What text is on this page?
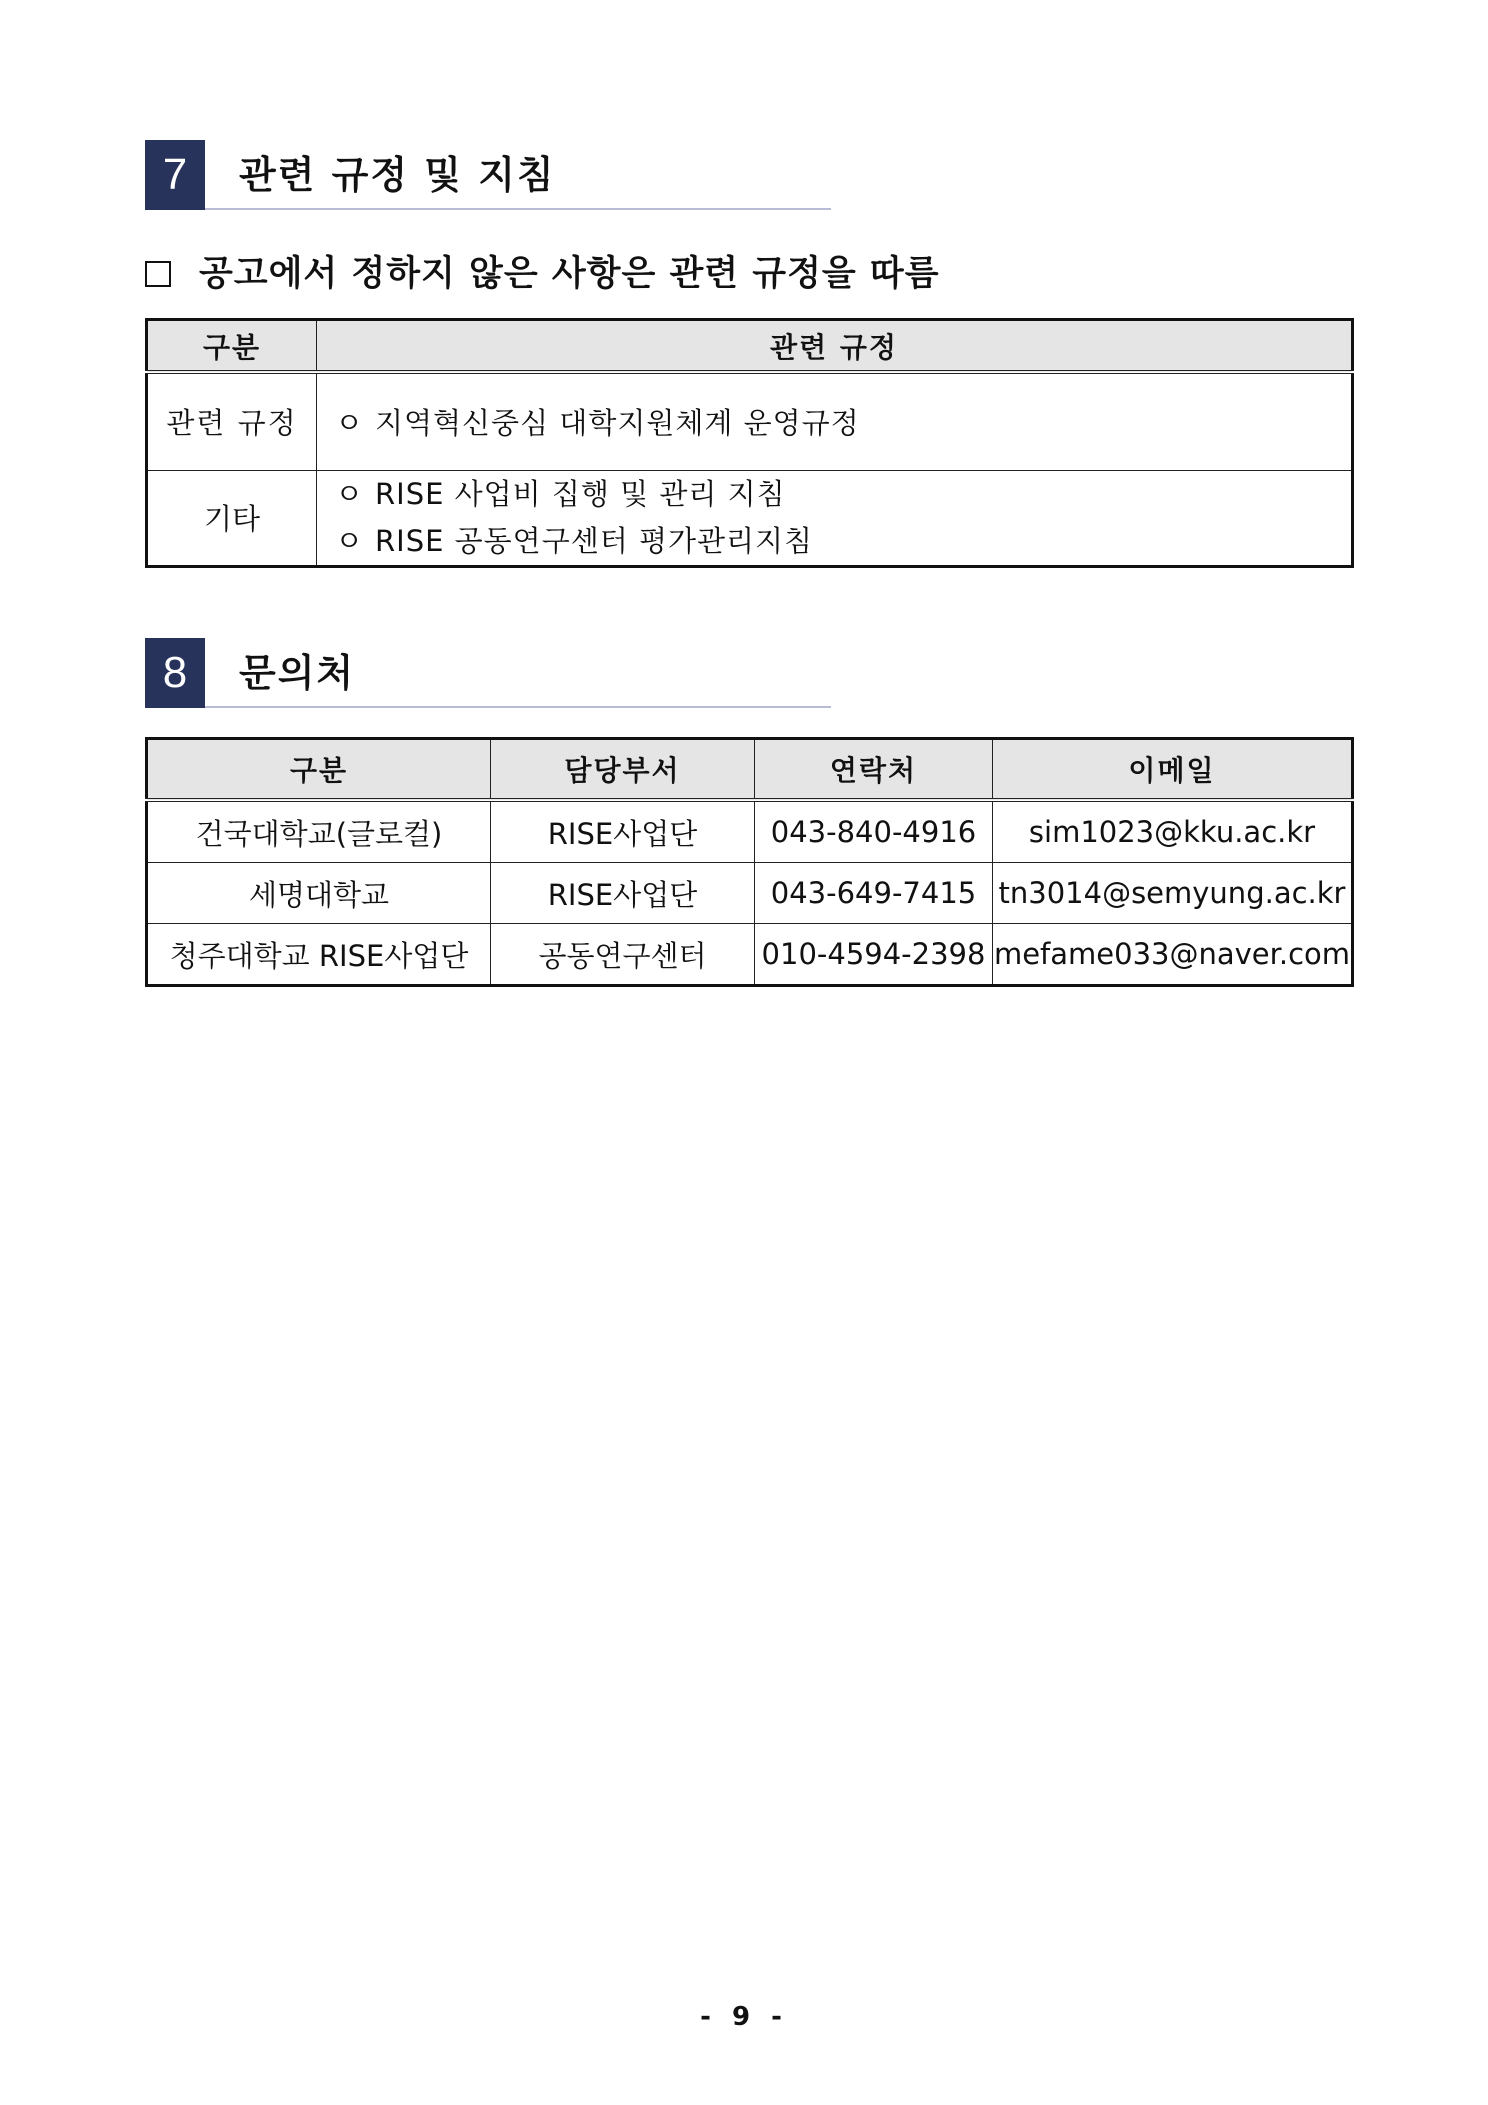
7	관련 규정 및 지침
공고에서 정하지 않은 사항은 관련 규정을 따름
구분	관련 규정
관련 규정	ㅇ 지역혁신중심 대학지원체계 운영규정

기타	ㅇ RISE 사업비 집행 및 관리 지침
ㅇ RISE 공동연구센터 평가관리지침
8	문의처
구분	담당부서	연락처	이메일
건국대학교(글로컬)	RISE사업단	043-840-4916	sim1023@kku.ac.kr
세명대학교	RISE사업단	043-649-7415	tn3014@semyung.ac.kr
청주대학교 RISE사업단	공동연구센터	010-4594-2398	mefame033@naver.com
- 9 -
